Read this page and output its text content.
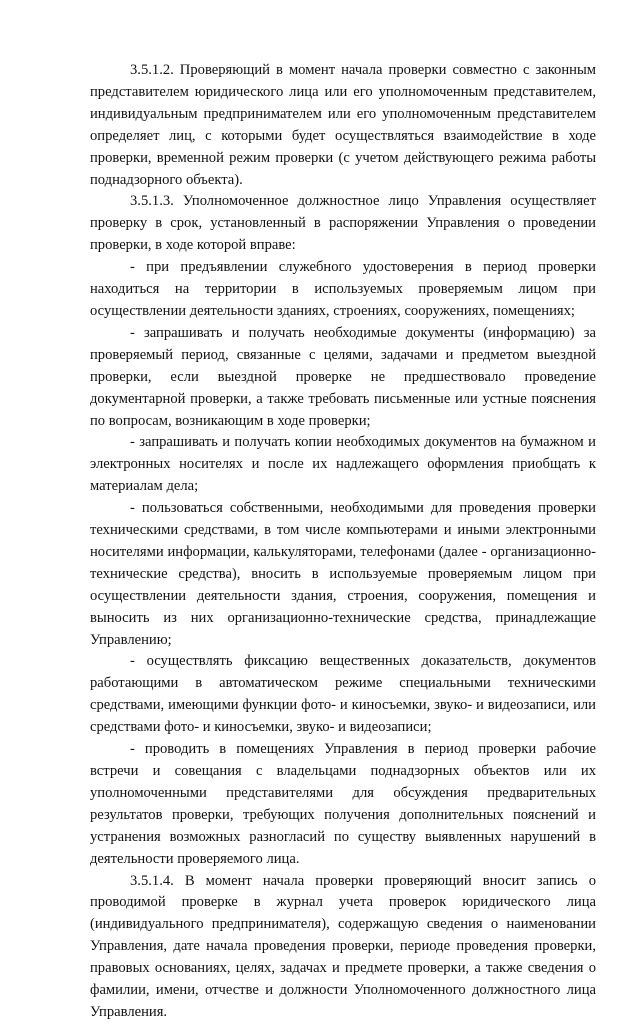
3.5.1.2. Проверяющий в момент начала проверки совместно с законным представителем юридического лица или его уполномоченным представителем, индивидуальным предпринимателем или его уполномоченным представителем определяет лиц, с которыми будет осуществляться взаимодействие в ходе проверки, временной режим проверки (с учетом действующего режима работы поднадзорного объекта).

3.5.1.3. Уполномоченное должностное лицо Управления осуществляет проверку в срок, установленный в распоряжении Управления о проведении проверки, в ходе которой вправе:

- при предъявлении служебного удостоверения в период проверки находиться на территории в используемых проверяемым лицом при осуществлении деятельности зданиях, строениях, сооружениях, помещениях;

- запрашивать и получать необходимые документы (информацию) за проверяемый период, связанные с целями, задачами и предметом выездной проверки, если выездной проверке не предшествовало проведение документарной проверки, а также требовать письменные или устные пояснения по вопросам, возникающим в ходе проверки;

- запрашивать и получать копии необходимых документов на бумажном и электронных носителях и после их надлежащего оформления приобщать к материалам дела;

- пользоваться собственными, необходимыми для проведения проверки техническими средствами, в том числе компьютерами и иными электронными носителями информации, калькуляторами, телефонами (далее - организационно-технические средства), вносить в используемые проверяемым лицом при осуществлении деятельности здания, строения, сооружения, помещения и выносить из них организационно-технические средства, принадлежащие Управлению;

- осуществлять фиксацию вещественных доказательств, документов работающими в автоматическом режиме специальными техническими средствами, имеющими функции фото- и киносъемки, звуко- и видеозаписи, или средствами фото- и киносъемки, звуко- и видеозаписи;

- проводить в помещениях Управления в период проверки рабочие встречи и совещания с владельцами поднадзорных объектов или их уполномоченными представителями для обсуждения предварительных результатов проверки, требующих получения дополнительных пояснений и устранения возможных разногласий по существу выявленных нарушений в деятельности проверяемого лица.

3.5.1.4. В момент начала проверки проверяющий вносит запись о проводимой проверке в журнал учета проверок юридического лица (индивидуального предпринимателя), содержащую сведения о наименовании Управления, дате начала проведения проверки, периоде проведения проверки, правовых основаниях, целях, задачах и предмете проверки, а также сведения о фамилии, имени, отчестве и должности Уполномоченного должностного лица Управления.
